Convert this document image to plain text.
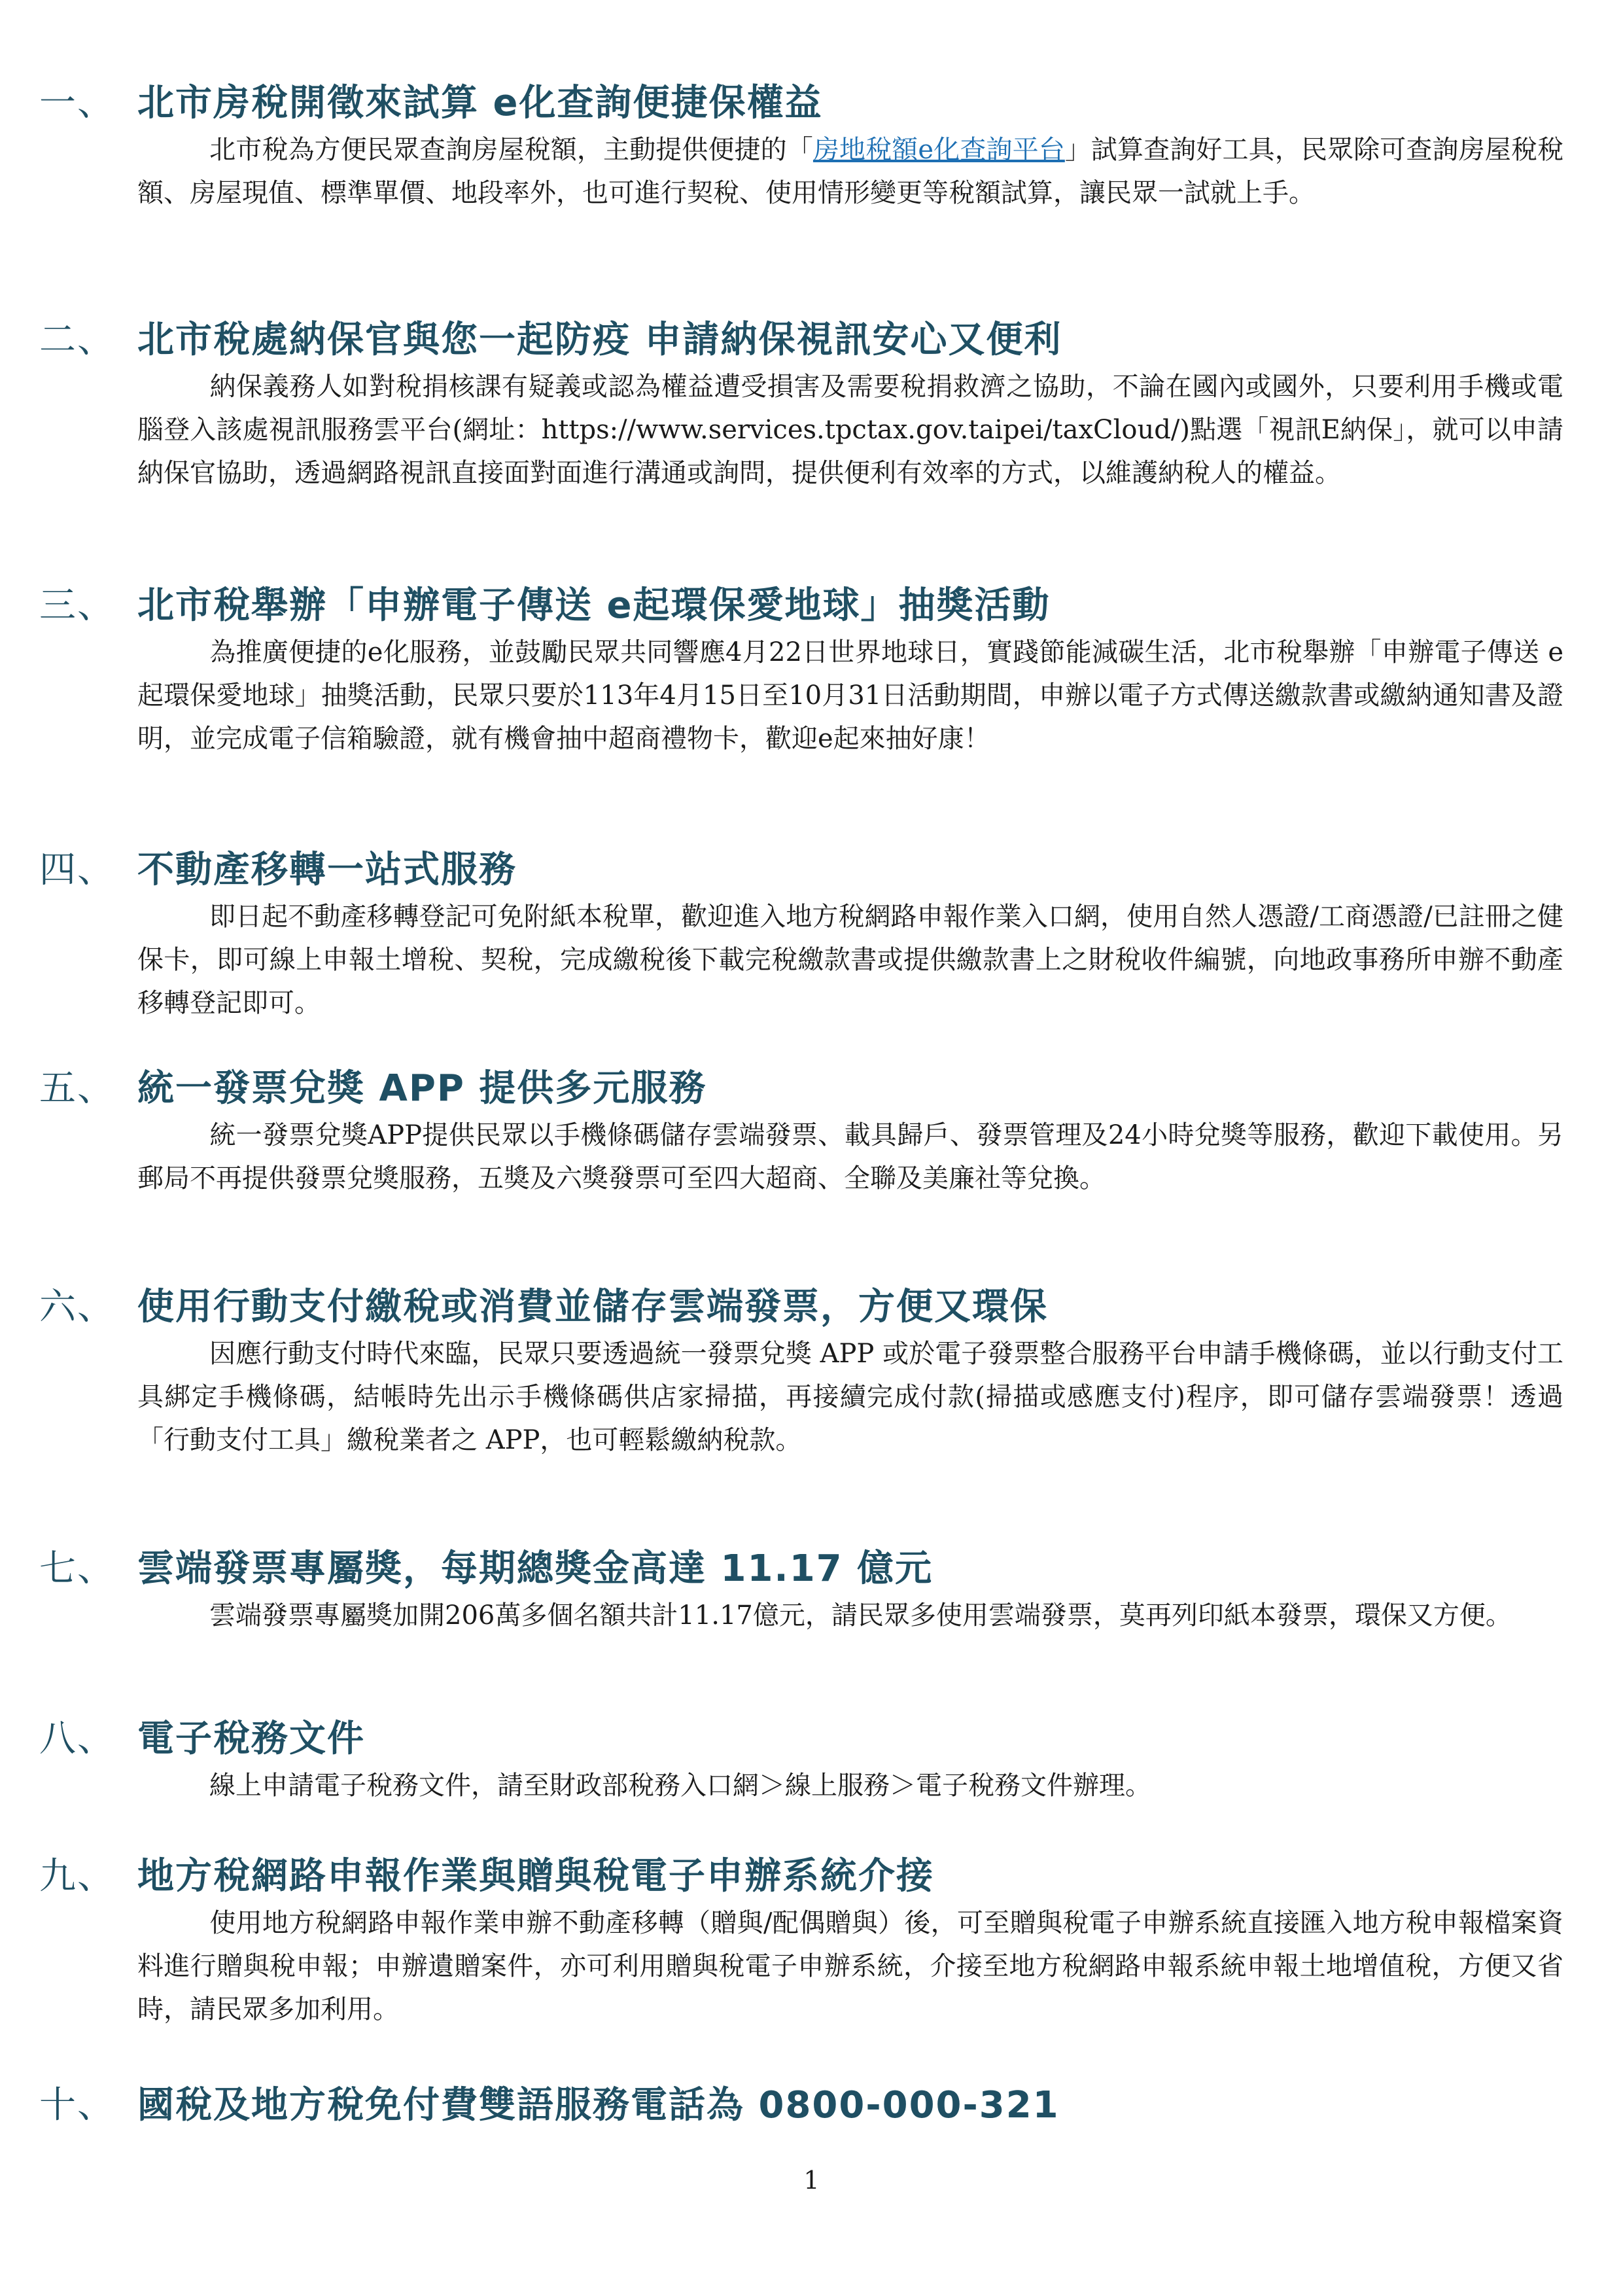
一、 北市房稅開徵來試算 e化查詢便捷保權益
北市稅為方便民眾查詢房屋稅額，主動提供便捷的「房地稅額e化查詢平台」試算查詢好工具，民眾除可查詢房屋稅稅額、房屋現值、標準單價、地段率外，也可進行契稅、使用情形變更等稅額試算，讓民眾一試就上手。
二、 北市稅處納保官與您一起防疫 申請納保視訊安心又便利
納保義務人如對稅捐核課有疑義或認為權益遭受損害及需要稅捐救濟之協助，不論在國內或國外，只要利用手機或電腦登入該處視訊服務雲平台(網址：https://www.services.tpctax.gov.taipei/taxCloud/)點選「視訊E納保」，就可以申請納保官協助，透過網路視訊直接面對面進行溝通或詢問，提供便利有效率的方式，以維護納稅人的權益。
三、 北市稅舉辦「申辦電子傳送 e起環保愛地球」抽獎活動
為推廣便捷的e化服務，並鼓勵民眾共同響應4月22日世界地球日，實踐節能減碳生活，北市稅舉辦「申辦電子傳送 e起環保愛地球」抽獎活動，民眾只要於113年4月15日至10月31日活動期間，申辦以電子方式傳送繳款書或繳納通知書及證明，並完成電子信箱驗證，就有機會抽中超商禮物卡，歡迎e起來抽好康！
四、 不動產移轉一站式服務
即日起不動產移轉登記可免附紙本稅單，歡迎進入地方稅網路申報作業入口網，使用自然人憑證/工商憑證/已註冊之健保卡，即可線上申報土增稅、契稅，完成繳稅後下載完稅繳款書或提供繳款書上之財稅收件編號，向地政事務所申辦不動產移轉登記即可。
五、 統一發票兌獎 APP 提供多元服務
統一發票兌獎APP提供民眾以手機條碼儲存雲端發票、載具歸戶、發票管理及24小時兌獎等服務，歡迎下載使用。另郵局不再提供發票兌獎服務，五獎及六獎發票可至四大超商、全聯及美廉社等兌換。
六、 使用行動支付繳稅或消費並儲存雲端發票，方便又環保
因應行動支付時代來臨，民眾只要透過統一發票兌獎 APP 或於電子發票整合服務平台申請手機條碼，並以行動支付工具綁定手機條碼，結帳時先出示手機條碼供店家掃描，再接續完成付款(掃描或感應支付)程序，即可儲存雲端發票！透過「行動支付工具」繳稅業者之 APP，也可輕鬆繳納稅款。
七、 雲端發票專屬獎，每期總獎金高達 11.17 億元
雲端發票專屬獎加開206萬多個名額共計11.17億元，請民眾多使用雲端發票，莫再列印紙本發票，環保又方便。
八、 電子稅務文件
線上申請電子稅務文件，請至財政部稅務入口網＞線上服務＞電子稅務文件辦理。
九、 地方稅網路申報作業與贈與稅電子申辦系統介接
使用地方稅網路申報作業申辦不動產移轉（贈與/配偶贈與）後，可至贈與稅電子申辦系統直接匯入地方稅申報檔案資料進行贈與稅申報；申辦遺贈案件，亦可利用贈與稅電子申辦系統，介接至地方稅網路申報系統申報土地增值稅，方便又省時，請民眾多加利用。
十、 國稅及地方稅免付費雙語服務電話為 0800-000-321
1
